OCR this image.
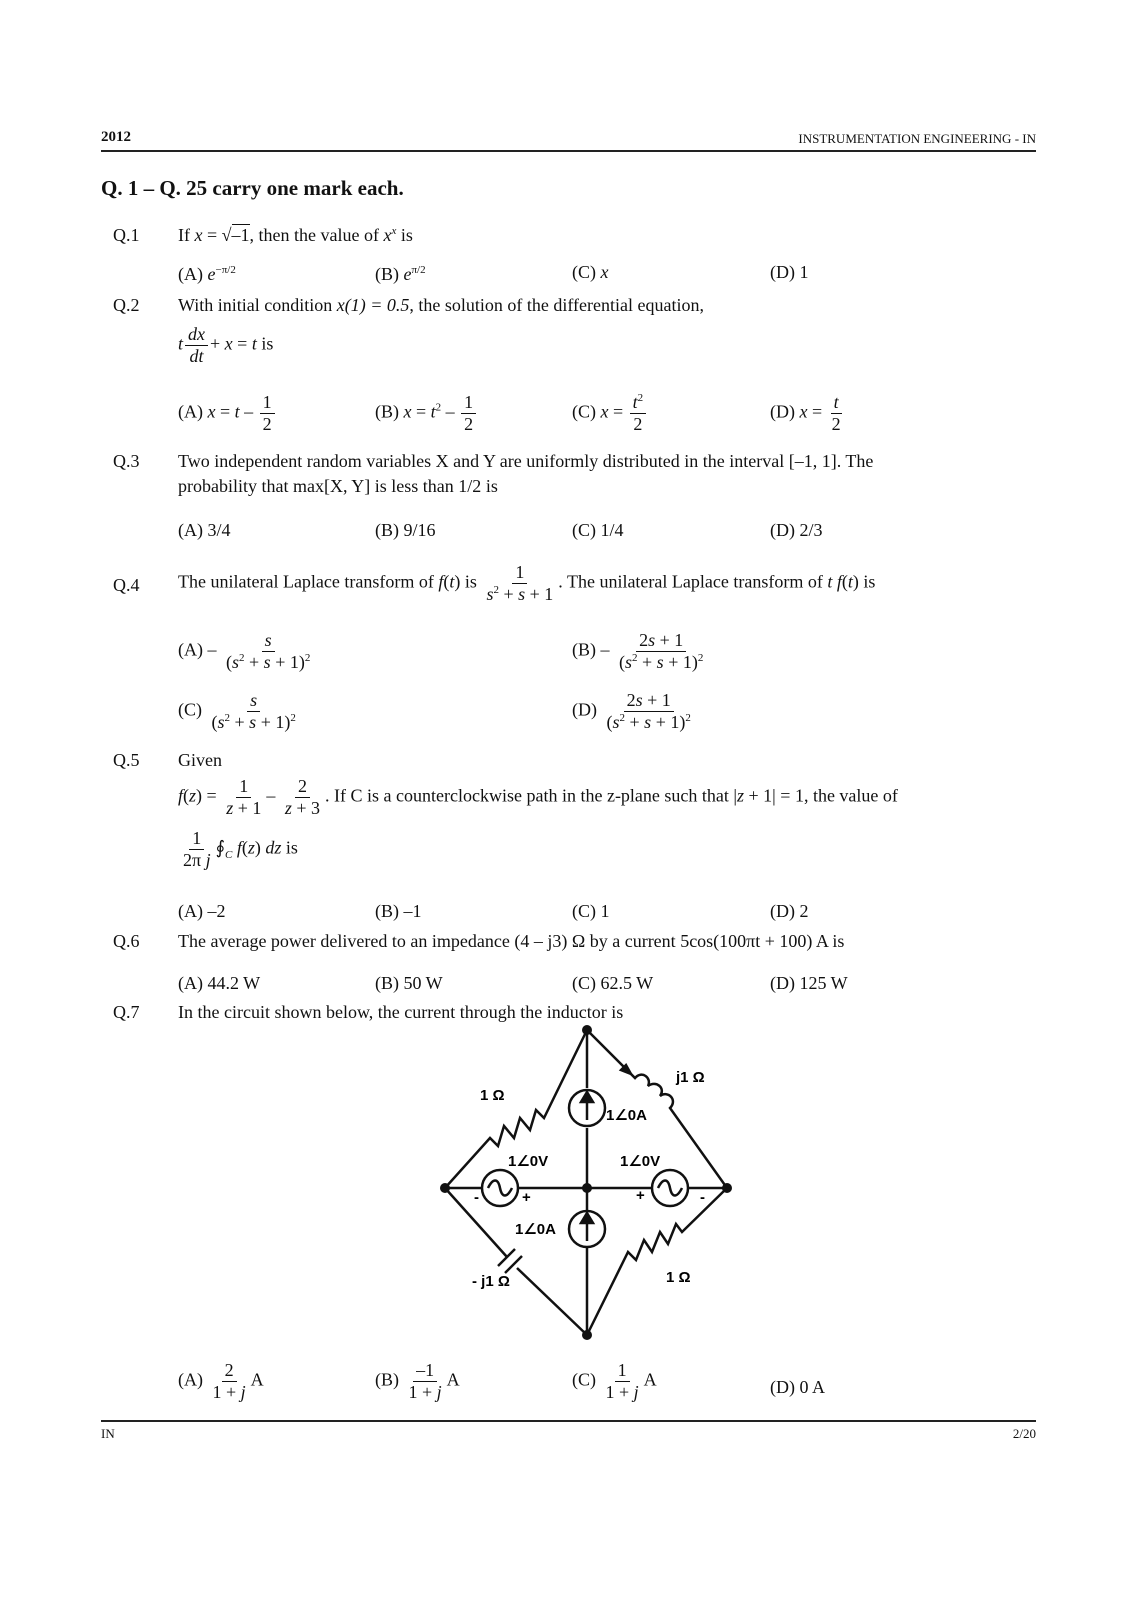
2012	INSTRUMENTATION ENGINEERING - IN
Q. 1 – Q. 25 carry one mark each.
Q.1 If x = √–1, then the value of $x^x$ is
(A) $e^{-\pi/2}$	(B) $e^{\pi/2}$	(C) x	(D) 1
Q.2 With initial condition x(1) = 0.5, the solution of the differential equation,
t $\frac{dx}{dt} + x = t$ is
(A) $x = t - \frac{1}{2}$	(B) $x = t^2 - \frac{1}{2}$	(C) $x = \frac{t^2}{2}$	(D) $x = \frac{t}{2}$
Q.3 Two independent random variables X and Y are uniformly distributed in the interval [–1, 1]. The
probability that max[X, Y] is less than 1/2 is
(A) 3/4	(B) 9/16	(C) 1/4	(D) 2/3
Q.4 The unilateral Laplace transform of f(t) is $\frac{1}{s^2 + s + 1}$ . The unilateral Laplace transform of t f(t) is
$(A) - \frac{s}{(s^2 + s + 1)^2}$	$(B) - \frac{2s + 1}{(s^2 + s + 1)^2}$
$(C) \frac{s}{(s^2 + s + 1)^2}$	$(D) \frac{2s + 1}{(s^2 + s + 1)^2}$
Q.5 Given
$f(z) = \frac{1}{z + 1} - \frac{2}{z + 3}$ . If C is a counterclockwise path in the z-plane such that |z + 1| = 1, the value of
$\frac{1}{\text{2π j}}$ $∮_C$ f(z) dz is
(A) –2	(B) –1	(C) 1	(D) 2
Q.6 The average power delivered to an impedance (4 – j3) Ω by a current 5cos(100πt + 100) A is
(A) 44.2 W	(B) 50 W	(C) 62.5 W	(D) 125 W
Q.7 In the circuit shown below, the current through the inductor is
1 Ω
j1 Ω
1∠0A
1∠0V	1∠0V
1∠0A
- j1 Ω	1 Ω
+
-	+	-
$(A) \frac{2}{1 + j}$ A	$(B) \frac{-1}{1 + j}$ A	$(C) \frac{1}{1 + j}$ A	(D) 0 A
IN	2/20
